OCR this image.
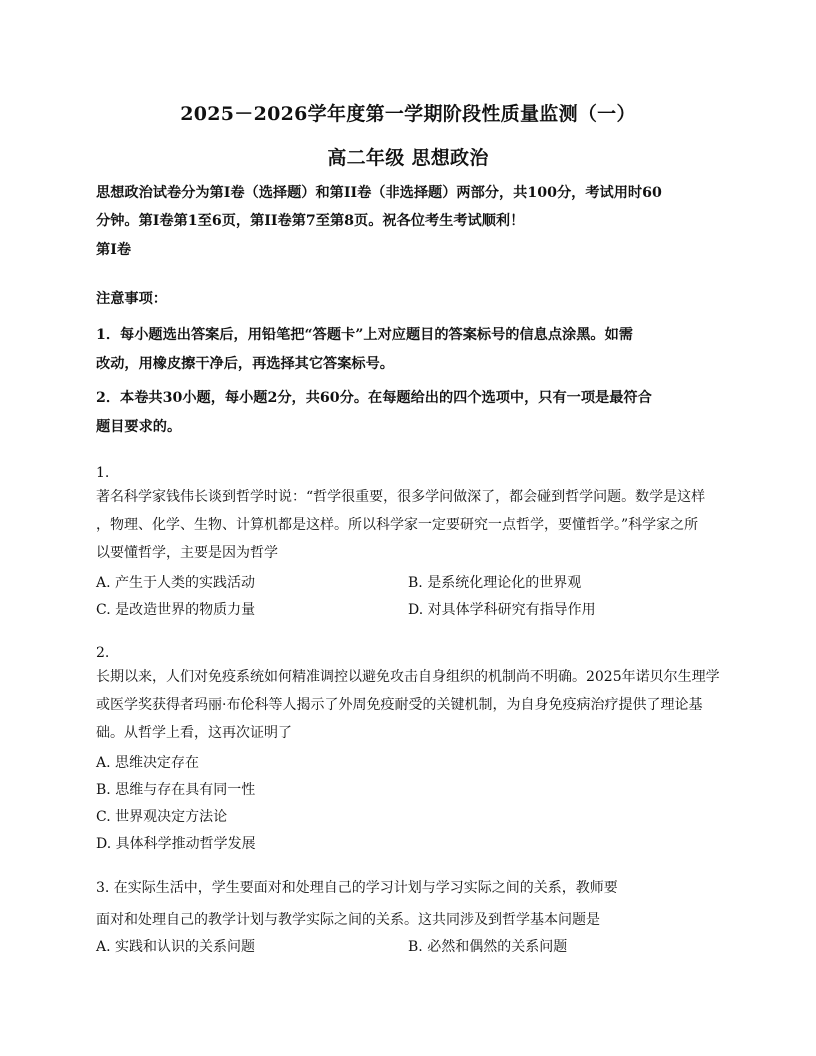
2025－2026学年度第一学期阶段性质量监测（一）
高二年级 思想政治
思想政治试卷分为第I卷（选择题）和第II卷（非选择题）两部分，共100分，考试用时60
分钟。第I卷第1至6页，第II卷第7至第8页。祝各位考生考试顺利！
第I卷
注意事项：
1．每小题选出答案后，用铅笔把“答题卡”上对应题目的答案标号的信息点涂黑。如需
改动，用橡皮擦干净后，再选择其它答案标号。
2．本卷共30小题，每小题2分，共60分。在每题给出的四个选项中，只有一项是最符合
题目要求的。
1.
著名科学家钱伟长谈到哲学时说：“哲学很重要，很多学问做深了，都会碰到哲学问题。数学是这样
，物理、化学、生物、计算机都是这样。所以科学家一定要研究一点哲学，要懂哲学。”科学家之所
以要懂哲学，主要是因为哲学
A. 产生于人类的实践活动	B. 是系统化理论化的世界观
C. 是改造世界的物质力量	D. 对具体学科研究有指导作用
2.
长期以来，人们对免疫系统如何精准调控以避免攻击自身组织的机制尚不明确。2025年诺贝尔生理学
或医学奖获得者玛丽·布伦科等人揭示了外周免疫耐受的关键机制，为自身免疫病治疗提供了理论基
础。从哲学上看，这再次证明了
A. 思维决定存在
B. 思维与存在具有同一性
C. 世界观决定方法论
D. 具体科学推动哲学发展
3. 在实际生活中，学生要面对和处理自己的学习计划与学习实际之间的关系，教师要
面对和处理自己的教学计划与教学实际之间的关系。这共同涉及到哲学基本问题是
A. 实践和认识的关系问题	B. 必然和偶然的关系问题
